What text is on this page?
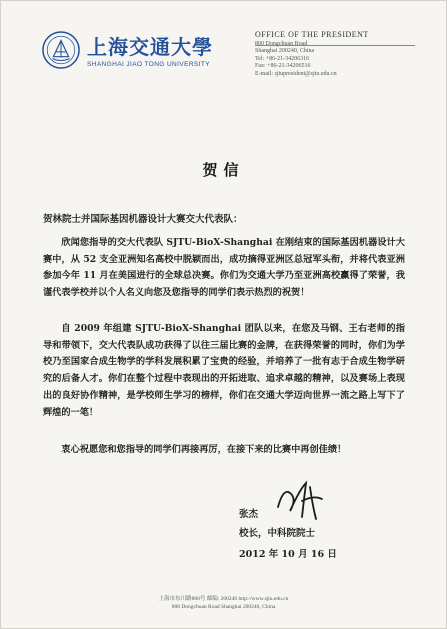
上海交通大學
SHANGHAI JIAO TONG UNIVERSITY
OFFICE OF THE PRESIDENT
800 Dongchuan Road
Shanghai 200240, China
Tel: +86-21-34206316
Fax: +86-21-34206516
E-mail: sjtupresident@sjtu.edu.cn
贺信
贺林院士并国际基因机器设计大赛交大代表队：
欣闻您指导的交大代表队 SJTU-BioX-Shanghai 在刚结束的国际基因机器设计大赛中，从 52 支全亚洲知名高校中脱颖而出，成功摘得亚洲区总冠军头衔，并将代表亚洲参加今年 11 月在美国进行的全球总决赛。你们为交通大学乃至亚洲高校赢得了荣誉，我谨代表学校并以个人名义向您及您指导的同学们表示热烈的祝贺！
自 2009 年组建 SJTU-BioX-Shanghai 团队以来，在您及马钢、王右老师的指导和带领下，交大代表队成功获得了以往三届比赛的金牌，在获得荣誉的同时，你们为学校乃至国家合成生物学的学科发展积累了宝贵的经验，并培养了一批有志于合成生物学研究的后备人才。你们在整个过程中表现出的开拓进取、追求卓越的精神，以及赛场上表现出的良好协作精神，是学校师生学习的榜样，你们在交通大学迈向世界一流之路上写下了辉煌的一笔！
衷心祝愿您和您指导的同学们再接再厉，在接下来的比赛中再创佳绩！
张杰
校长，中科院院士
2012 年 10 月 16 日
上海市东川路800号 邮编: 200240 http://www.sjtu.edu.cn
800 Dongchuan Road Shanghai 200240, China
